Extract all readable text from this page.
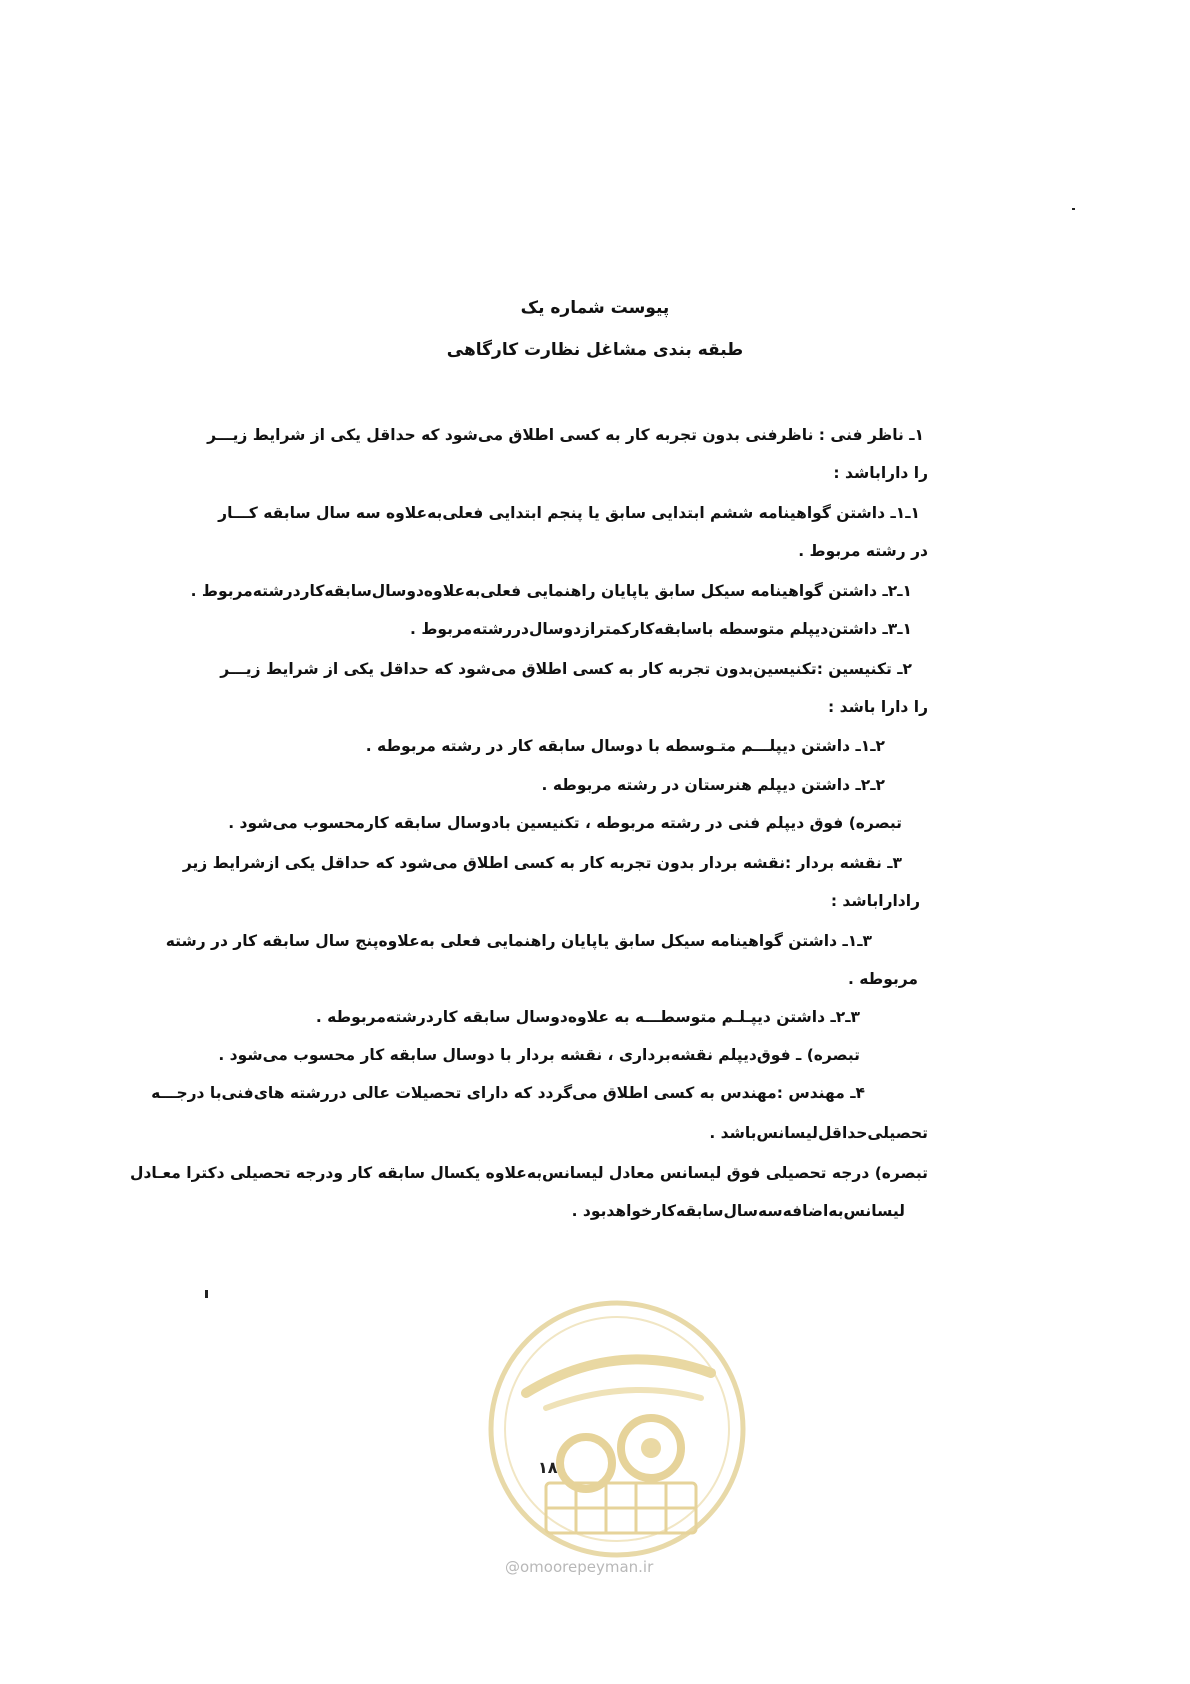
پیوست شماره یک
طبقه بندی مشاغل نظارت کارگاهی
۱ـ ناظر فنی : ناظرفنی بدون تجربه کار به کسی اطلاق می‌شود که حداقل یکی از شرایط زیـــر
را داراباشد :
۱ـ۱ـ داشتن گواهینامه ششم ابتدایی سابق یا پنجم ابتدایی فعلی‌به‌علاوه سه سال سابقه کـــار
در رشته مربوط .
۱ـ۲ـ داشتن گواهینامه سیکل سابق یاپایان راهنمایی فعلی‌به‌علاوه‌دوسال‌سابقه‌کاردرشته‌مربوط .
۱ـ۳ـ داشتن‌دیپلم متوسطه باسابقه‌کارکمترازدوسال‌دررشته‌مربوط .
۲ـ تکنیسین :تکنیسین‌بدون تجربه کار به کسی اطلاق می‌شود که حداقل یکی از شرایط زیـــر
را دارا باشد :
۲ـ۱ـ داشتن دیپلـــم متـوسطه با دوسال سابقه کار در رشته مربوطه .
۲ـ۲ـ داشتن دیپلم هنرستان در رشته مربوطه .
تبصره) فوق دیپلم فنی در رشته مربوطه ، تکنیسین بادوسال سابقه کارمحسوب می‌شود .
۳ـ نقشه بردار :نقشه بردار بدون تجربه کار به کسی اطلاق می‌شود که حداقل یکی ازشرایط زیر
راداراباشد :
۳ـ۱ـ داشتن گواهینامه سیکل سابق یاپایان راهنمایی فعلی به‌علاوه‌پنج سال سابقه کار در رشته
مربوطه .
۳ـ۲ـ داشتن دیپـلـم متوسطـــه به علاوه‌دوسال سابقه کاردرشته‌مربوطه .
تبصره) ـ فوق‌دیپلم نقشه‌برداری ، نقشه بردار با دوسال سابقه کار محسوب می‌شود .
۴ـ مهندس :مهندس به کسی اطلاق می‌گردد که دارای تحصیلات عالی دررشته های‌فنی‌با درجـــه
تحصیلی‌حداقل‌لیسانس‌باشد .
تبصره) درجه تحصیلی فوق لیسانس معادل لیسانس‌به‌علاوه یکسال سابقه کار ودرجه تحصیلی دکترا معـادل
لیسانس‌به‌اضافه‌سه‌سال‌سابقه‌کارخواهدبود .
۱۸
@omoorepeyman.ir
